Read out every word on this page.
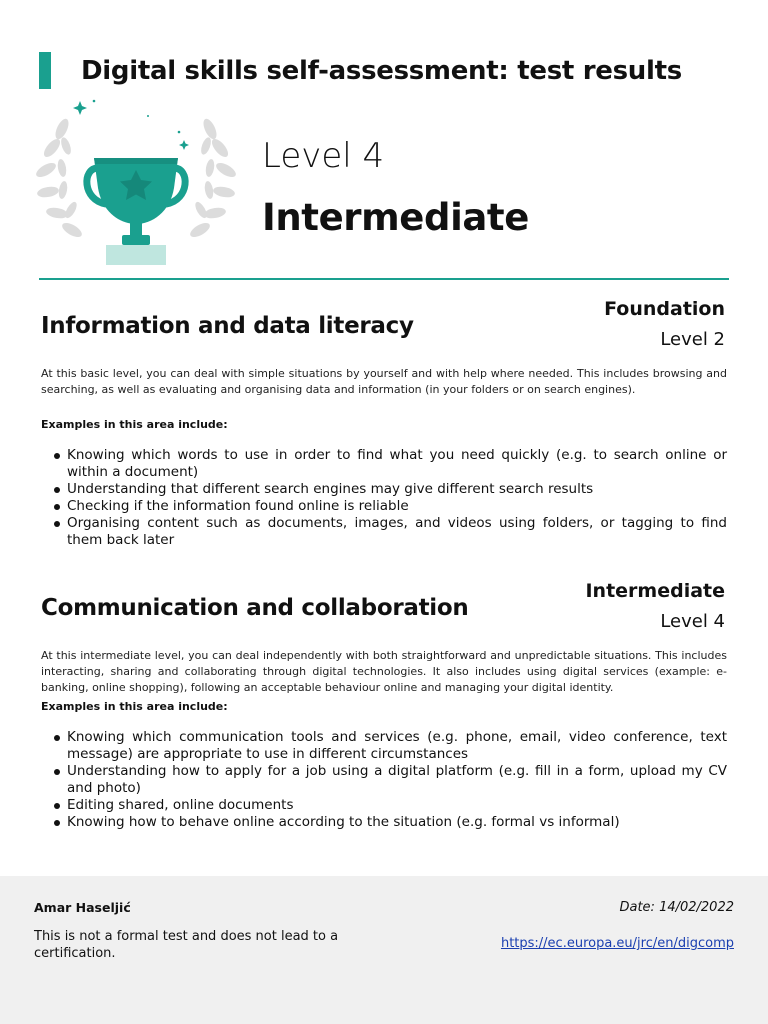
Digital skills self-assessment: test results
Level 4
Intermediate
Information and data literacy
Foundation
Level 2

At this basic level, you can deal with simple situations by yourself and with help where needed. This includes browsing and searching, as well as evaluating and organising data and information (in your folders or on search engines).

Examples in this area include:
Knowing which words to use in order to find what you need quickly (e.g. to search online or within a document)
Understanding that different search engines may give different search results
Checking if the information found online is reliable
Organising content such as documents, images, and videos using folders, or tagging to find them back later
Communication and collaboration
Intermediate
Level 4

At this intermediate level, you can deal independently with both straightforward and unpredictable situations. This includes interacting, sharing and collaborating through digital technologies. It also includes using digital services (example: e-banking, online shopping), following an acceptable behaviour online and managing your digital identity.

Examples in this area include:
Knowing which communication tools and services (e.g. phone, email, video conference, text message) are appropriate to use in different circumstances
Understanding how to apply for a job using a digital platform (e.g. fill in a form, upload my CV and photo)
Editing shared, online documents
Knowing how to behave online according to the situation (e.g. formal vs informal)
Amar Haseljić

This is not a formal test and does not lead to a certification.

Date: 14/02/2022
https://ec.europa.eu/jrc/en/digcomp
